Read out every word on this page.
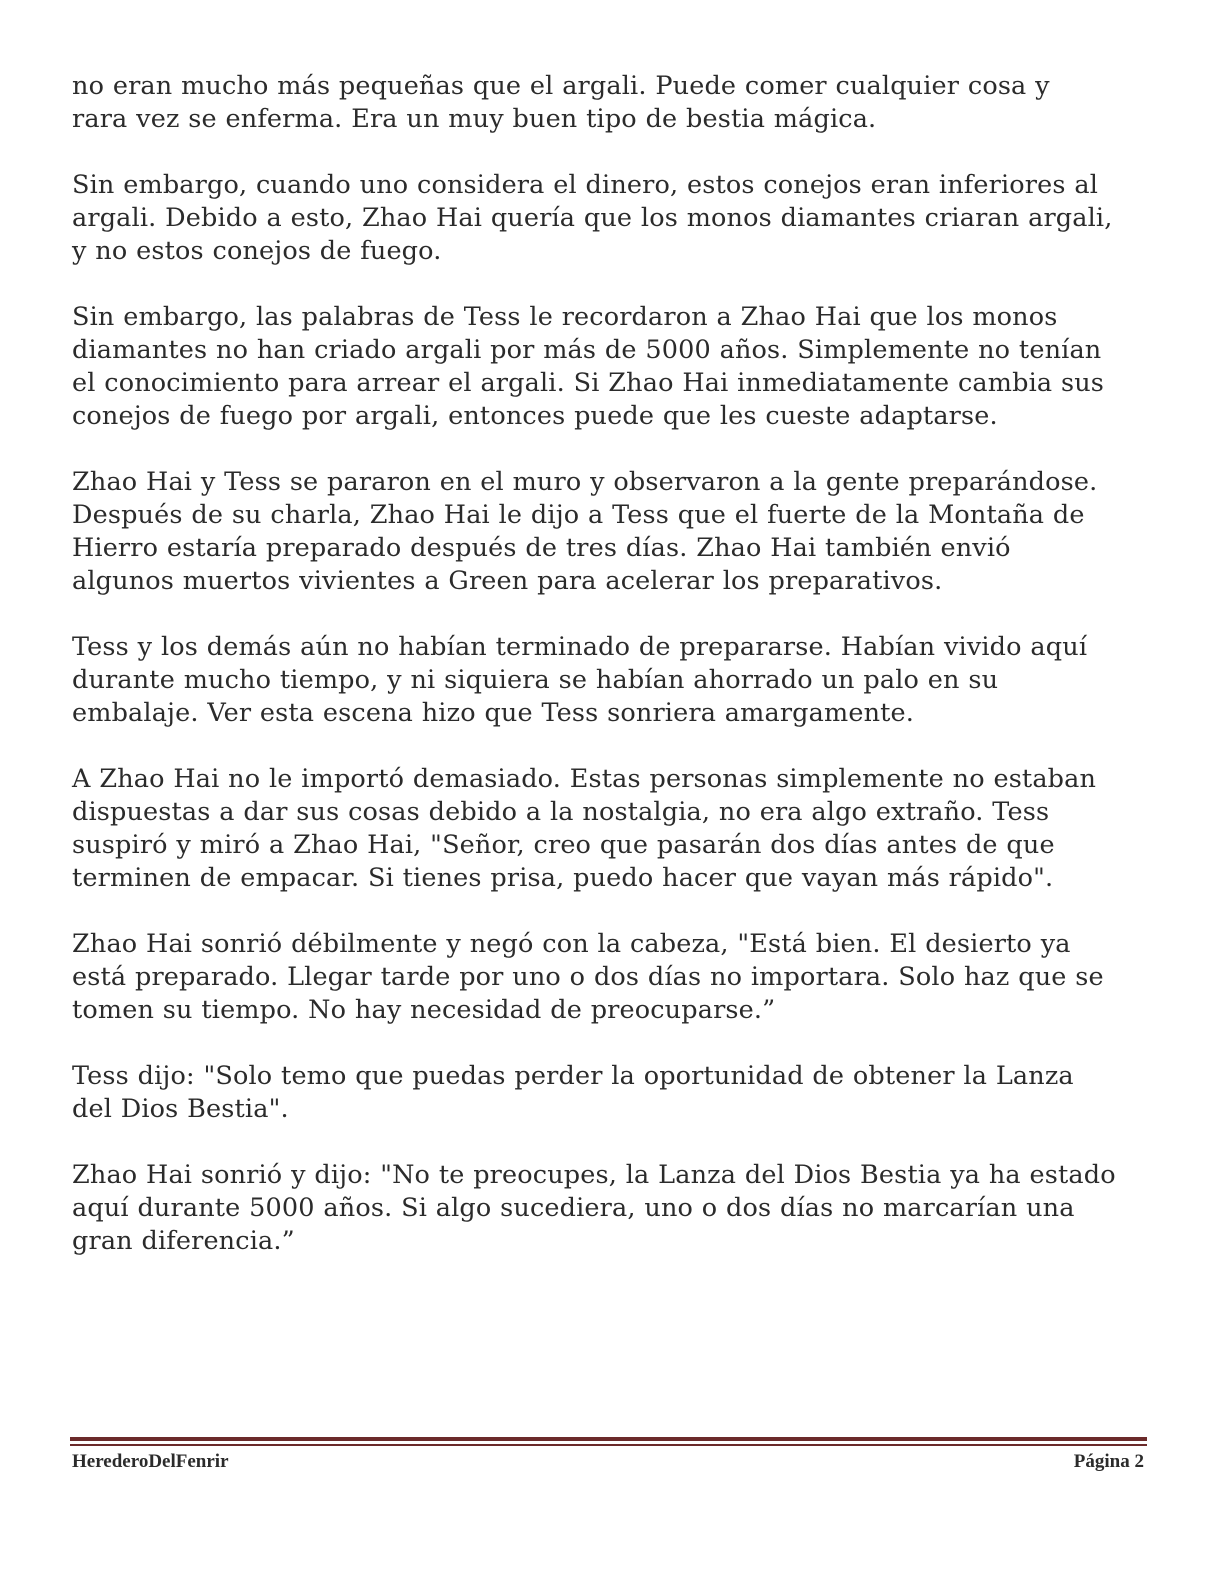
no eran mucho más pequeñas que el argali. Puede comer cualquier cosa y
rara vez se enferma. Era un muy buen tipo de bestia mágica.

Sin embargo, cuando uno considera el dinero, estos conejos eran inferiores al
argali. Debido a esto, Zhao Hai quería que los monos diamantes criaran argali,
y no estos conejos de fuego.

Sin embargo, las palabras de Tess le recordaron a Zhao Hai que los monos
diamantes no han criado argali por más de 5000 años. Simplemente no tenían
el conocimiento para arrear el argali. Si Zhao Hai inmediatamente cambia sus
conejos de fuego por argali, entonces puede que les cueste adaptarse.

Zhao Hai y Tess se pararon en el muro y observaron a la gente preparándose.
Después de su charla, Zhao Hai le dijo a Tess que el fuerte de la Montaña de
Hierro estaría preparado después de tres días. Zhao Hai también envió
algunos muertos vivientes a Green para acelerar los preparativos.

Tess y los demás aún no habían terminado de prepararse. Habían vivido aquí
durante mucho tiempo, y ni siquiera se habían ahorrado un palo en su
embalaje. Ver esta escena hizo que Tess sonriera amargamente.

A Zhao Hai no le importó demasiado. Estas personas simplemente no estaban
dispuestas a dar sus cosas debido a la nostalgia, no era algo extraño. Tess
suspiró y miró a Zhao Hai, "Señor, creo que pasarán dos días antes de que
terminen de empacar. Si tienes prisa, puedo hacer que vayan más rápido".

Zhao Hai sonrió débilmente y negó con la cabeza, "Está bien. El desierto ya
está preparado. Llegar tarde por uno o dos días no importara. Solo haz que se
tomen su tiempo. No hay necesidad de preocuparse.”

Tess dijo: "Solo temo que puedas perder la oportunidad de obtener la Lanza
del Dios Bestia".

Zhao Hai sonrió y dijo: "No te preocupes, la Lanza del Dios Bestia ya ha estado
aquí durante 5000 años. Si algo sucediera, uno o dos días no marcarían una
gran diferencia.”

HerederoDelFenrir	Página 2
